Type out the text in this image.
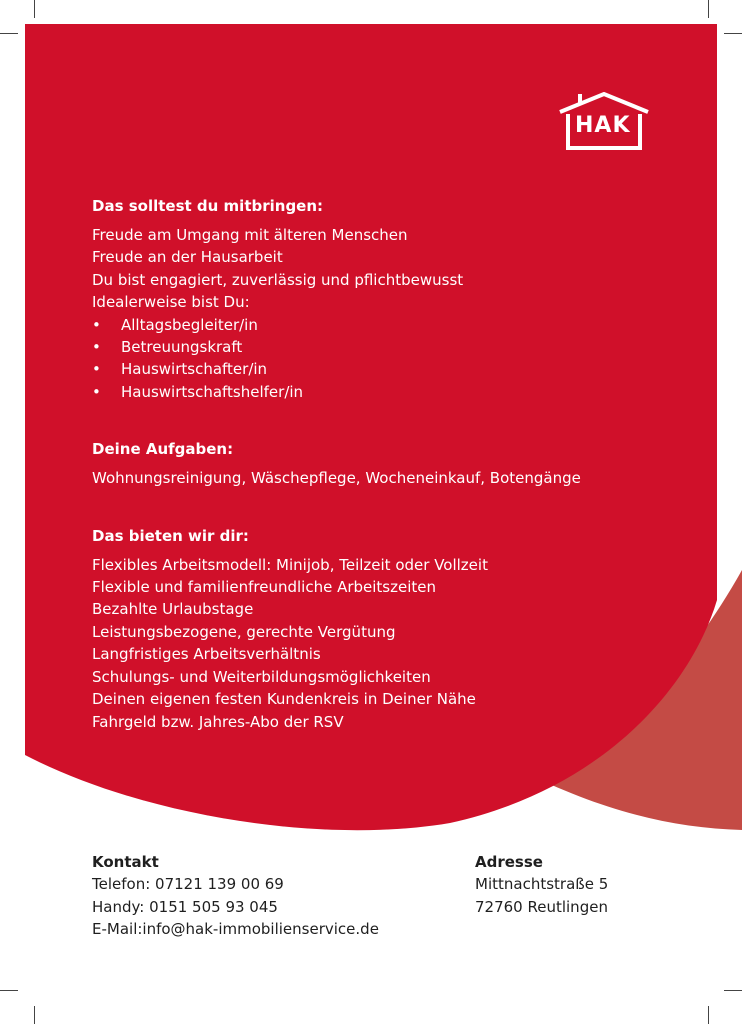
HAK
Das solltest du mitbringen:
Freude am Umgang mit älteren Menschen
Freude an der Hausarbeit
Du bist engagiert, zuverlässig und pflichtbewusst
Idealerweise bist Du:
•	Alltagsbegleiter/in
•	Betreuungskraft
•	Hauswirtschafter/in
•	Hauswirtschaftshelfer/in
Deine Aufgaben:
Wohnungsreinigung, Wäschepflege, Wocheneinkauf, Botengänge
Das bieten wir dir:
Flexibles Arbeitsmodell: Minijob, Teilzeit oder Vollzeit
Flexible und familienfreundliche Arbeitszeiten
Bezahlte Urlaubstage
Leistungsbezogene, gerechte Vergütung
Langfristiges Arbeitsverhältnis
Schulungs- und Weiterbildungsmöglichkeiten
Deinen eigenen festen Kundenkreis in Deiner Nähe
Fahrgeld bzw. Jahres-Abo der RSV
Kontakt
Telefon: 07121 139 00 69
Handy: 0151 505 93 045
E-Mail:info@hak-immobilienservice.de
Adresse
Mittnachtstraße 5
72760 Reutlingen
